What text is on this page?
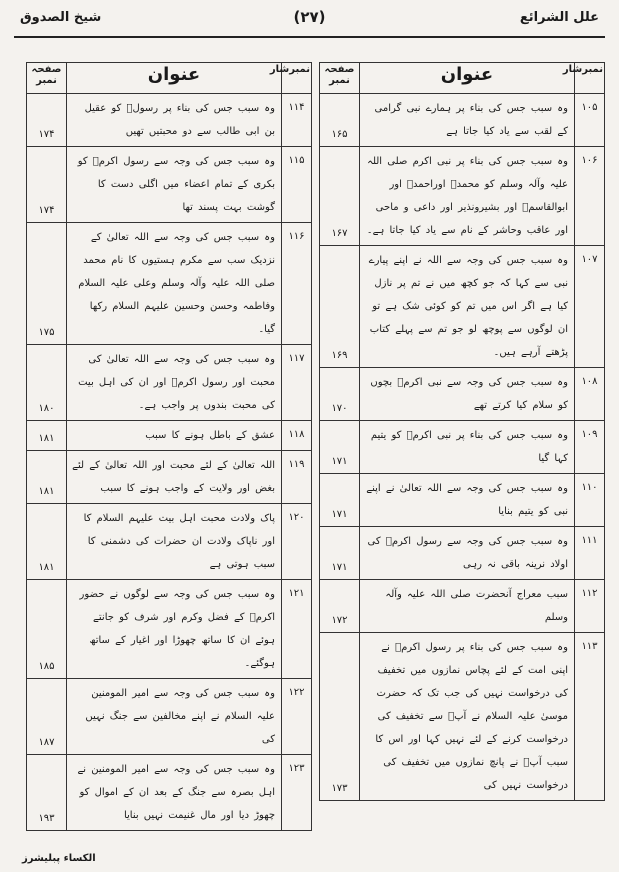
علل الشرائع
(۲۷)
شیخ الصدوق
نمبرشار	عنوان	صفحہ نمبر
۱۰۵	وہ سبب جس کی بناء پر ہمارے نبی گرامی کے لقب سے یاد کیا جاتا ہے	۱۶۵
۱۰۶	وہ سبب جس کی بناء پر نبی اکرم صلی اللہ علیہ وآلہ وسلم کو محمدؐ اوراحمدؐ اور ابوالقاسمؐ اور بشیرونذیر اور داعی و ماحی اور عاقب وحاشر کے نام سے یاد کیا جاتا ہے۔	۱۶۷
۱۰۷	وہ سبب جس کی وجہ سے اللہ نے اپنے پیارے نبی سے کہا کہ جو کچھ میں نے تم پر نازل کیا ہے اگر اس میں تم کو کوئی شک ہے تو ان لوگوں سے پوچھ لو جو تم سے پہلے کتاب پڑھتے آرہے ہیں۔	۱۶۹
۱۰۸	وہ سبب جس کی وجہ سے نبی اکرمؐ بچوں کو سلام کیا کرتے تھے	۱۷۰
۱۰۹	وہ سبب جس کی بناء پر نبی اکرمؐ کو یتیم کہا گیا	۱۷۱
۱۱۰	وہ سبب جس کی وجہ سے اللہ تعالیٰ نے اپنے نبی کو یتیم بنایا	۱۷۱
۱۱۱	وہ سبب جس کی وجہ سے رسول اکرمؐ کی اولاد نرینہ باقی نہ رہی	۱۷۱
۱۱۲	سبب معراج آنحضرت صلی اللہ علیہ وآلہ وسلم	۱۷۲
۱۱۳	وہ سبب جس کی بناء پر رسول اکرمؐ نے اپنی امت کے لئے پچاس نمازوں میں تخفیف کی درخواست نہیں کی جب تک کہ حضرت موسیٰ علیہ السلام نے آپؐ سے تخفیف کی درخواست کرنے کے لئے نہیں کہا اور اس کا سبب آپؐ نے پانچ نمازوں میں تخفیف کی درخواست نہیں کی	۱۷۳
نمبرشار	عنوان	صفحہ نمبر
۱۱۴	وہ سبب جس کی بناء پر رسولؐ کو عقیل بن ابی طالب سے دو محبتیں تھیں	۱۷۴
۱۱۵	وہ سبب جس کی وجہ سے رسول اکرمؐ کو بکری کے تمام اعضاء میں اگلی دست کا گوشت بہت پسند تھا	۱۷۴
۱۱۶	وہ سبب جس کی وجہ سے اللہ تعالیٰ کے نزدیک سب سے مکرم ہستیوں کا نام محمد صلی اللہ علیہ وآلہ وسلم وعلی علیہ السلام وفاطمہ وحسن وحسین علیہم السلام رکھا گیا۔	۱۷۵
۱۱۷	وہ سبب جس کی وجہ سے اللہ تعالیٰ کی محبت اور رسول اکرمؐ اور ان کی اہل بیت کی محبت بندوں پر واجب ہے۔	۱۸۰
۱۱۸	عشق کے باطل ہونے کا سبب	۱۸۱
۱۱۹	اللہ تعالیٰ کے لئے محبت اور اللہ تعالیٰ کے لئے بغض اور ولایت کے واجب ہونے کا سبب	۱۸۱
۱۲۰	پاک ولادت محبت اہل بیت علیہم السلام کا اور ناپاک ولادت ان حضرات کی دشمنی کا سبب ہوتی ہے	۱۸۱
۱۲۱	وہ سبب جس کی وجہ سے لوگوں نے حضور اکرمؐ کے فضل وکرم اور شرف کو جانتے ہوئے ان کا ساتھ چھوڑا اور اغیار کے ساتھ ہوگئے۔	۱۸۵
۱۲۲	وہ سبب جس کی وجہ سے امیر المومنین علیہ السلام نے اپنے مخالفین سے جنگ نہیں کی	۱۸۷
۱۲۳	وہ سبب جس کی وجہ سے امیر المومنین نے اہل بصرہ سے جنگ کے بعد ان کے اموال کو چھوڑ دیا اور مال غنیمت نہیں بنایا	۱۹۳
الکساء پبلیشرز
